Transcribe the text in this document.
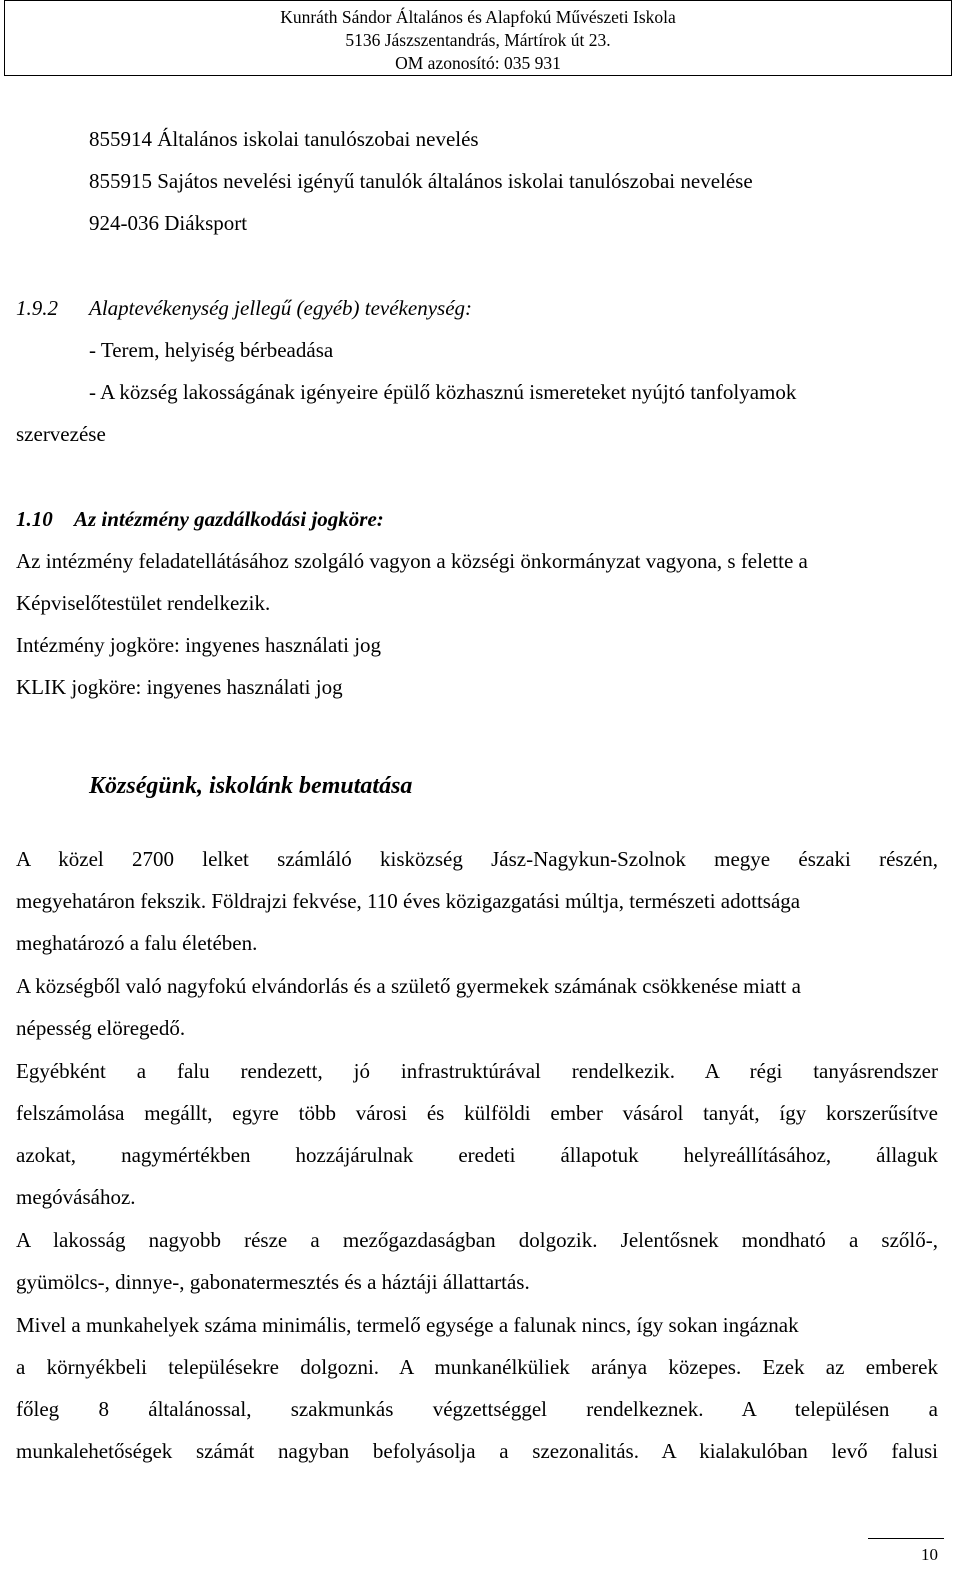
Kunráth Sándor Általános és Alapfokú Művészeti Iskola
5136 Jászszentandrás, Mártírok út 23.
OM azonosító: 035 931
855914 Általános iskolai tanulószobai nevelés
855915 Sajátos nevelési igényű tanulók általános iskolai tanulószobai nevelése
924-036 Diáksport
1.9.2 Alaptevékenység jellegű (egyéb) tevékenység:
- Terem, helyiség bérbeadása
- A község lakosságának igényeire épülő közhasznú ismereteket nyújtó tanfolyamok
szervezése
1.10 Az intézmény gazdálkodási jogköre:
Az intézmény feladatellátásához szolgáló vagyon a községi önkormányzat vagyona, s felette a
Képviselőtestület rendelkezik.
Intézmény jogköre: ingyenes használati jog
KLIK jogköre: ingyenes használati jog
Községünk, iskolánk bemutatása
A közel 2700 lelket számláló kisközség Jász-Nagykun-Szolnok megye északi részén,
megyehatáron fekszik. Földrajzi fekvése, 110 éves közigazgatási múltja, természeti adottsága
meghatározó a falu életében.
A községből való nagyfokú elvándorlás és a születő gyermekek számának csökkenése miatt a
népesség elöregedő.
Egyébként a falu rendezett, jó infrastruktúrával rendelkezik. A régi tanyásrendszer
felszámolása megállt, egyre több városi és külföldi ember vásárol tanyát, így korszerűsítve
azokat, nagymértékben hozzájárulnak eredeti állapotuk helyreállításához, állaguk
megóvásához.
A lakosság nagyobb része a mezőgazdaságban dolgozik. Jelentősnek mondható a szőlő-,
gyümölcs-, dinnye-, gabonatermesztés és a háztáji állattartás.
Mivel a munkahelyek száma minimális, termelő egysége a falunak nincs, így sokan ingáznak
a környékbeli településekre dolgozni. A munkanélküliek aránya közepes. Ezek az emberek
főleg 8 általánossal, szakmunkás végzettséggel rendelkeznek. A településen a
munkalehetőségek számát nagyban befolyásolja a szezonalitás. A kialakulóban levő falusi
10
